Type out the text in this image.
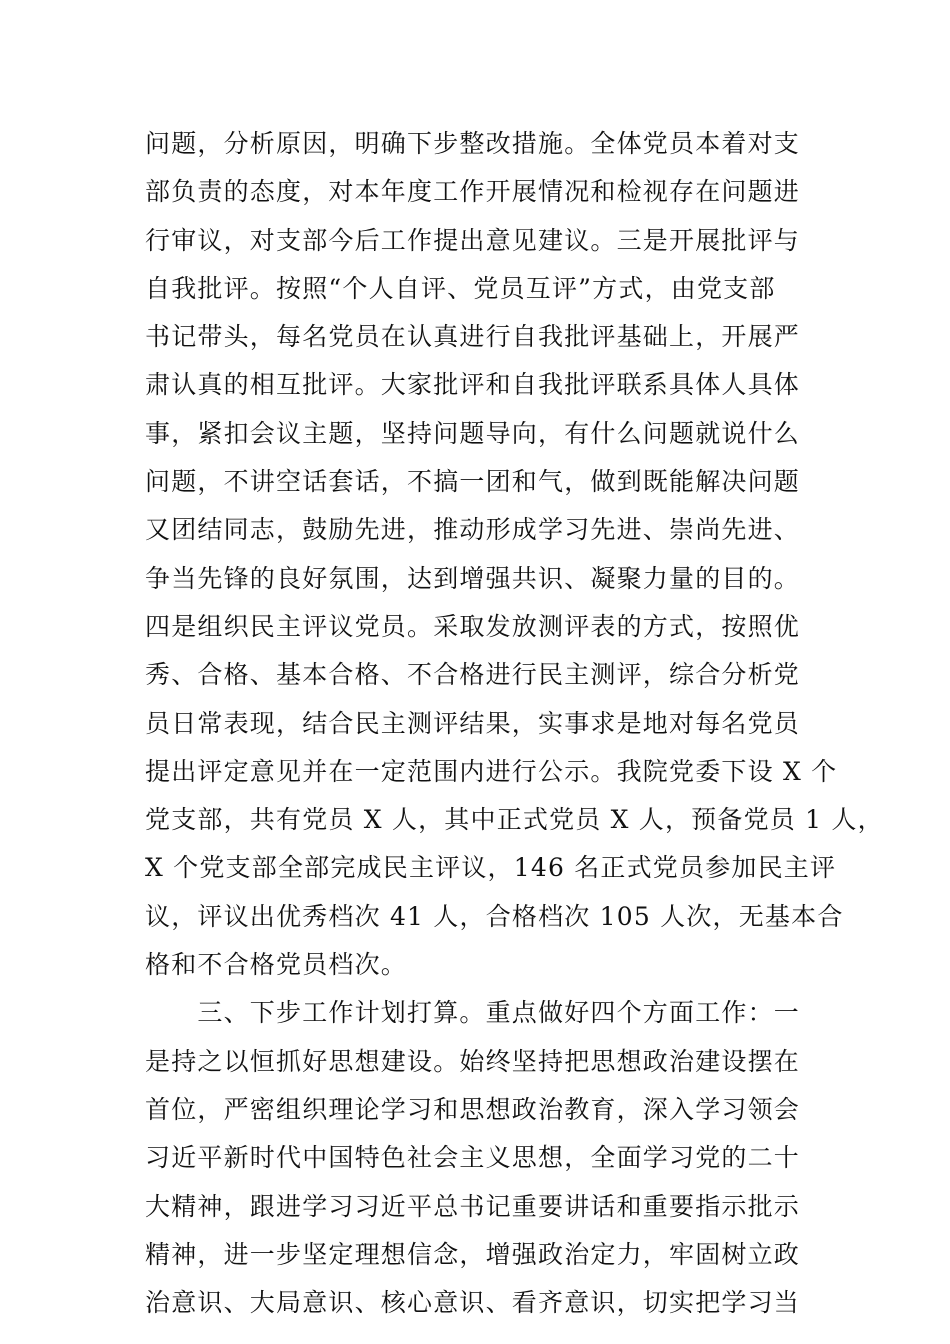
问题，分析原因，明确下步整改措施。全体党员本着对支
部负责的态度，对本年度工作开展情况和检视存在问题进
行审议，对支部今后工作提出意见建议。三是开展批评与
自我批评。按照“个人自评、党员互评”方式，由党支部
书记带头，每名党员在认真进行自我批评基础上，开展严
肃认真的相互批评。大家批评和自我批评联系具体人具体
事，紧扣会议主题，坚持问题导向，有什么问题就说什么
问题，不讲空话套话，不搞一团和气，做到既能解决问题
又团结同志，鼓励先进，推动形成学习先进、崇尚先进、
争当先锋的良好氛围，达到增强共识、凝聚力量的目的。
四是组织民主评议党员。采取发放测评表的方式，按照优
秀、合格、基本合格、不合格进行民主测评，综合分析党
员日常表现，结合民主测评结果，实事求是地对每名党员
提出评定意见并在一定范围内进行公示。我院党委下设 X 个
党支部，共有党员 X 人，其中正式党员 X 人，预备党员 1 人，
X 个党支部全部完成民主评议，146 名正式党员参加民主评
议，评议出优秀档次 41 人，合格档次 105 人次，无基本合
格和不合格党员档次。
　　三、下步工作计划打算。重点做好四个方面工作：一
是持之以恒抓好思想建设。始终坚持把思想政治建设摆在
首位，严密组织理论学习和思想政治教育，深入学习领会
习近平新时代中国特色社会主义思想，全面学习党的二十
大精神，跟进学习习近平总书记重要讲话和重要指示批示
精神，进一步坚定理想信念，增强政治定力，牢固树立政
治意识、大局意识、核心意识、看齐意识，切实把学习当
